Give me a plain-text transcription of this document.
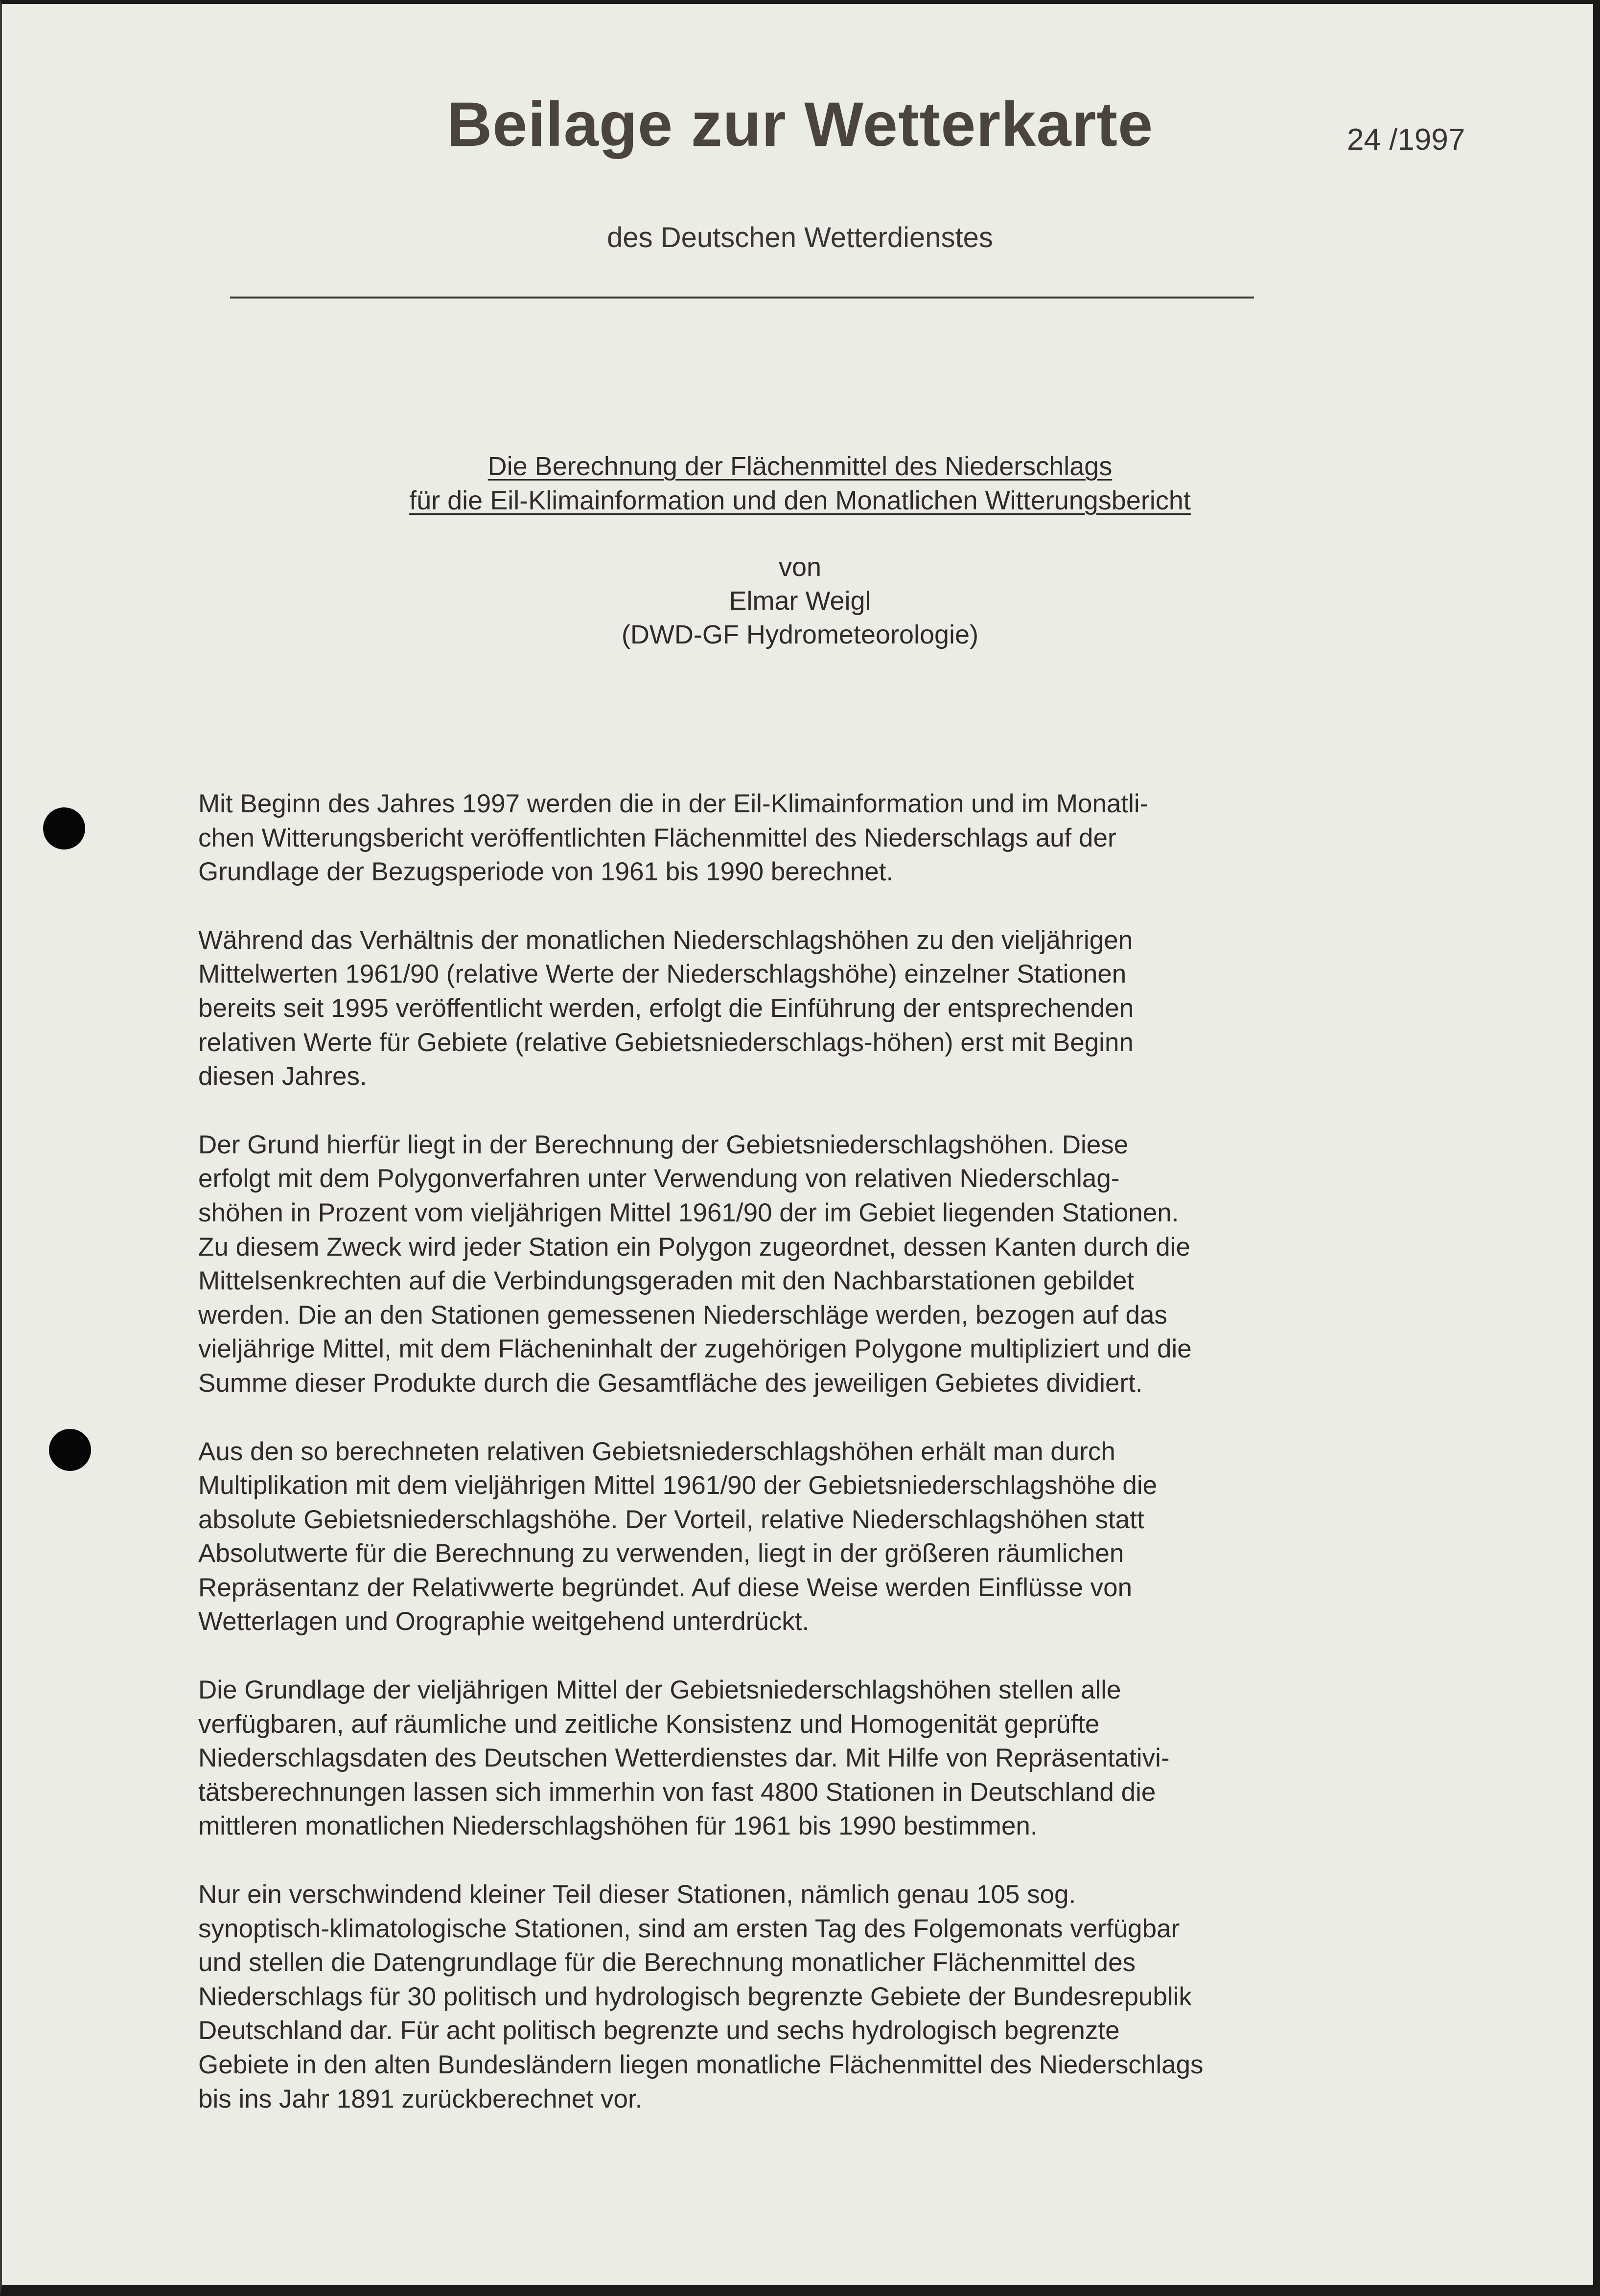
Beilage zur Wetterkarte	24 /1997
des Deutschen Wetterdienstes
Die Berechnung der Flächenmittel des Niederschlags
für die Eil-Klimainformation und den Monatlichen Witterungsbericht
von
Elmar Weigl
(DWD-GF Hydrometeorologie)

Mit Beginn des Jahres 1997 werden die in der Eil-Klimainformation und im Monatli-
chen Witterungsbericht veröffentlichten Flächenmittel des Niederschlags auf der
Grundlage der Bezugsperiode von 1961 bis 1990 berechnet.

Während das Verhältnis der monatlichen Niederschlagshöhen zu den vieljährigen
Mittelwerten 1961/90 (relative Werte der Niederschlagshöhe) einzelner Stationen
bereits seit 1995 veröffentlicht werden, erfolgt die Einführung der entsprechenden
relativen Werte für Gebiete (relative Gebietsniederschlags-höhen) erst mit Beginn
diesen Jahres.

Der Grund hierfür liegt in der Berechnung der Gebietsniederschlagshöhen. Diese
erfolgt mit dem Polygonverfahren unter Verwendung von relativen Niederschlag-
shöhen in Prozent vom vieljährigen Mittel 1961/90 der im Gebiet liegenden Stationen.
Zu diesem Zweck wird jeder Station ein Polygon zugeordnet, dessen Kanten durch die
Mittelsenkrechten auf die Verbindungsgeraden mit den Nachbarstationen gebildet
werden. Die an den Stationen gemessenen Niederschläge werden, bezogen auf das
vieljährige Mittel, mit dem Flächeninhalt der zugehörigen Polygone multipliziert und die
Summe dieser Produkte durch die Gesamtfläche des jeweiligen Gebietes dividiert.

Aus den so berechneten relativen Gebietsniederschlagshöhen erhält man durch
Multiplikation mit dem vieljährigen Mittel 1961/90 der Gebietsniederschlagshöhe die
absolute Gebietsniederschlagshöhe. Der Vorteil, relative Niederschlagshöhen statt
Absolutwerte für die Berechnung zu verwenden, liegt in der größeren räumlichen
Repräsentanz der Relativwerte begründet. Auf diese Weise werden Einflüsse von
Wetterlagen und Orographie weitgehend unterdrückt.

Die Grundlage der vieljährigen Mittel der Gebietsniederschlagshöhen stellen alle
verfügbaren, auf räumliche und zeitliche Konsistenz und Homogenität geprüfte
Niederschlagsdaten des Deutschen Wetterdienstes dar. Mit Hilfe von Repräsentativi-
tätsberechnungen lassen sich immerhin von fast 4800 Stationen in Deutschland die
mittleren monatlichen Niederschlagshöhen für 1961 bis 1990 bestimmen.

Nur ein verschwindend kleiner Teil dieser Stationen, nämlich genau 105 sog.
synoptisch-klimatologische Stationen, sind am ersten Tag des Folgemonats verfügbar
und stellen die Datengrundlage für die Berechnung monatlicher Flächenmittel des
Niederschlags für 30 politisch und hydrologisch begrenzte Gebiete der Bundesrepublik
Deutschland dar. Für acht politisch begrenzte und sechs hydrologisch begrenzte
Gebiete in den alten Bundesländern liegen monatliche Flächenmittel des Niederschlags
bis ins Jahr 1891 zurückberechnet vor.
